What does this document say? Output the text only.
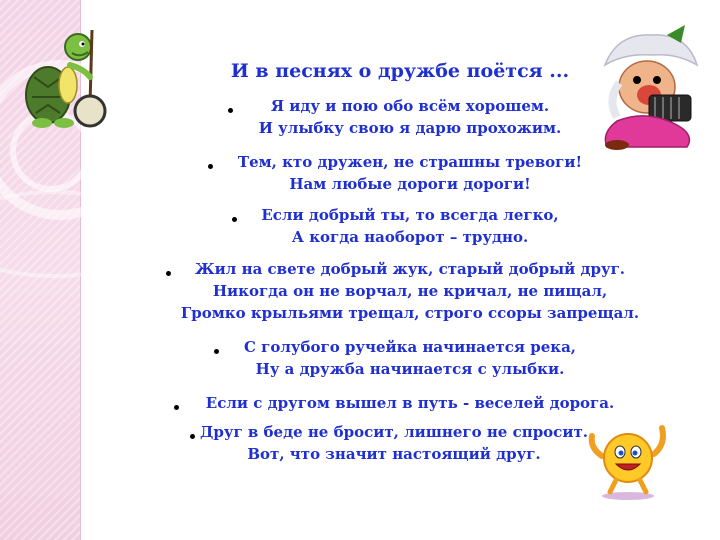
И в песнях о дружбе поётся ...
Я иду и пою обо всём хорошем.
И улыбку свою я дарю прохожим.
Тем, кто дружен, не страшны тревоги!
Нам любые дороги дороги!
Если добрый ты, то всегда легко,
А когда наоборот – трудно.
Жил на свете добрый жук, старый добрый друг.
Никогда он не ворчал, не кричал, не пищал,
Громко крыльями трещал, строго ссоры запрещал.
С голубого ручейка начинается река,
Ну а дружба начинается с улыбки.
Если с другом вышел в путь - веселей дорога.
Друг в беде не бросит, лишнего не спросит.
Вот, что значит настоящий друг.
